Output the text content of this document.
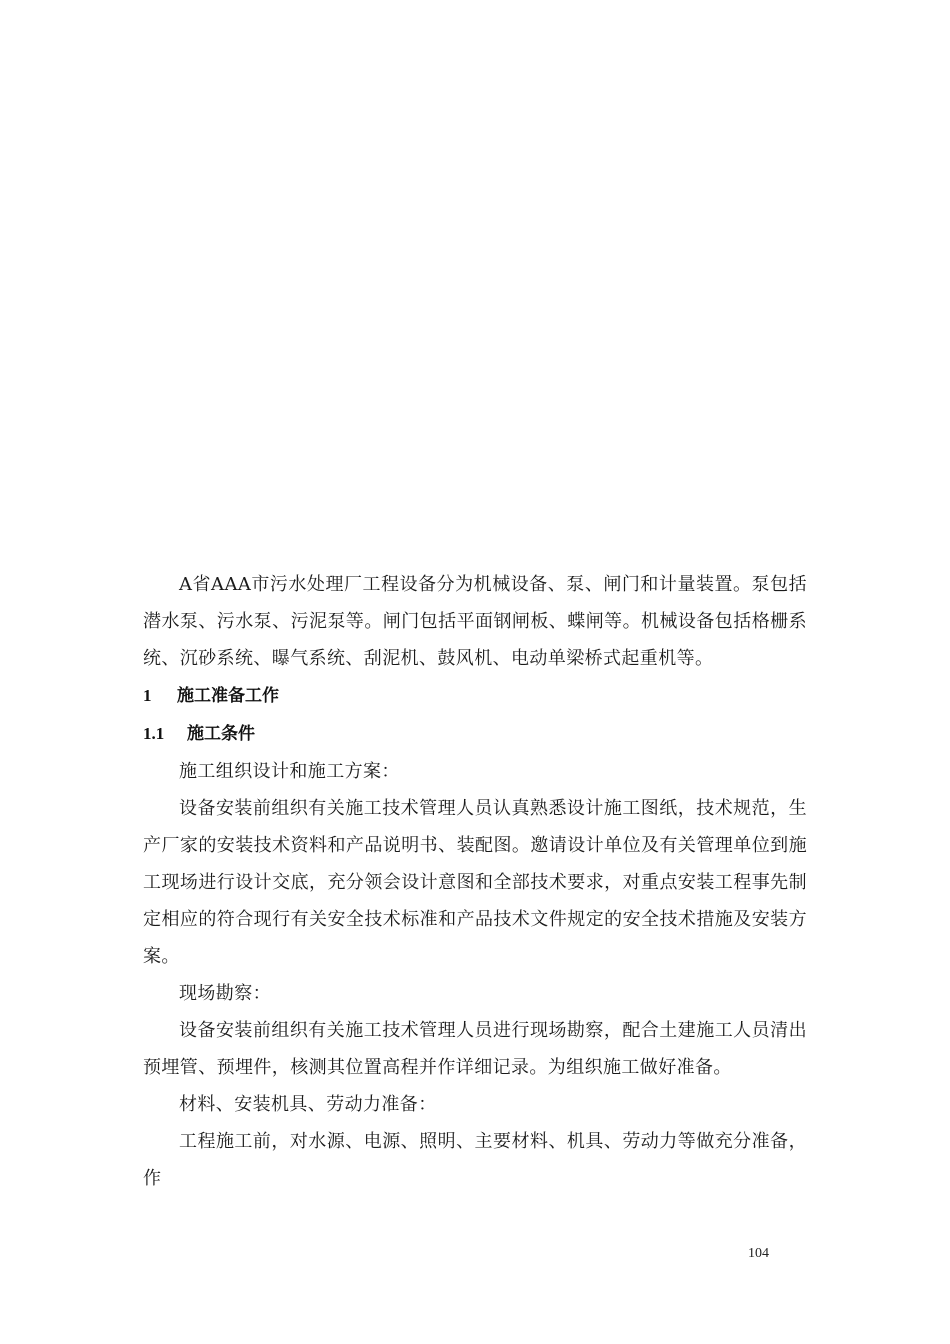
A省AAA市污水处理厂工程设备分为机械设备、泵、闸门和计量装置。泵包括潜水泵、污水泵、污泥泵等。闸门包括平面钢闸板、蝶闸等。机械设备包括格栅系统、沉砂系统、曝气系统、刮泥机、鼓风机、电动单梁桥式起重机等。

1 施工准备工作

1.1 施工条件

施工组织设计和施工方案：

设备安装前组织有关施工技术管理人员认真熟悉设计施工图纸，技术规范，生产厂家的安装技术资料和产品说明书、装配图。邀请设计单位及有关管理单位到施工现场进行设计交底，充分领会设计意图和全部技术要求，对重点安装工程事先制定相应的符合现行有关安全技术标准和产品技术文件规定的安全技术措施及安装方案。

现场勘察：

设备安装前组织有关施工技术管理人员进行现场勘察，配合土建施工人员清出预埋管、预埋件，核测其位置高程并作详细记录。为组织施工做好准备。

材料、安装机具、劳动力准备：

工程施工前，对水源、电源、照明、主要材料、机具、劳动力等做充分准备，作

104
